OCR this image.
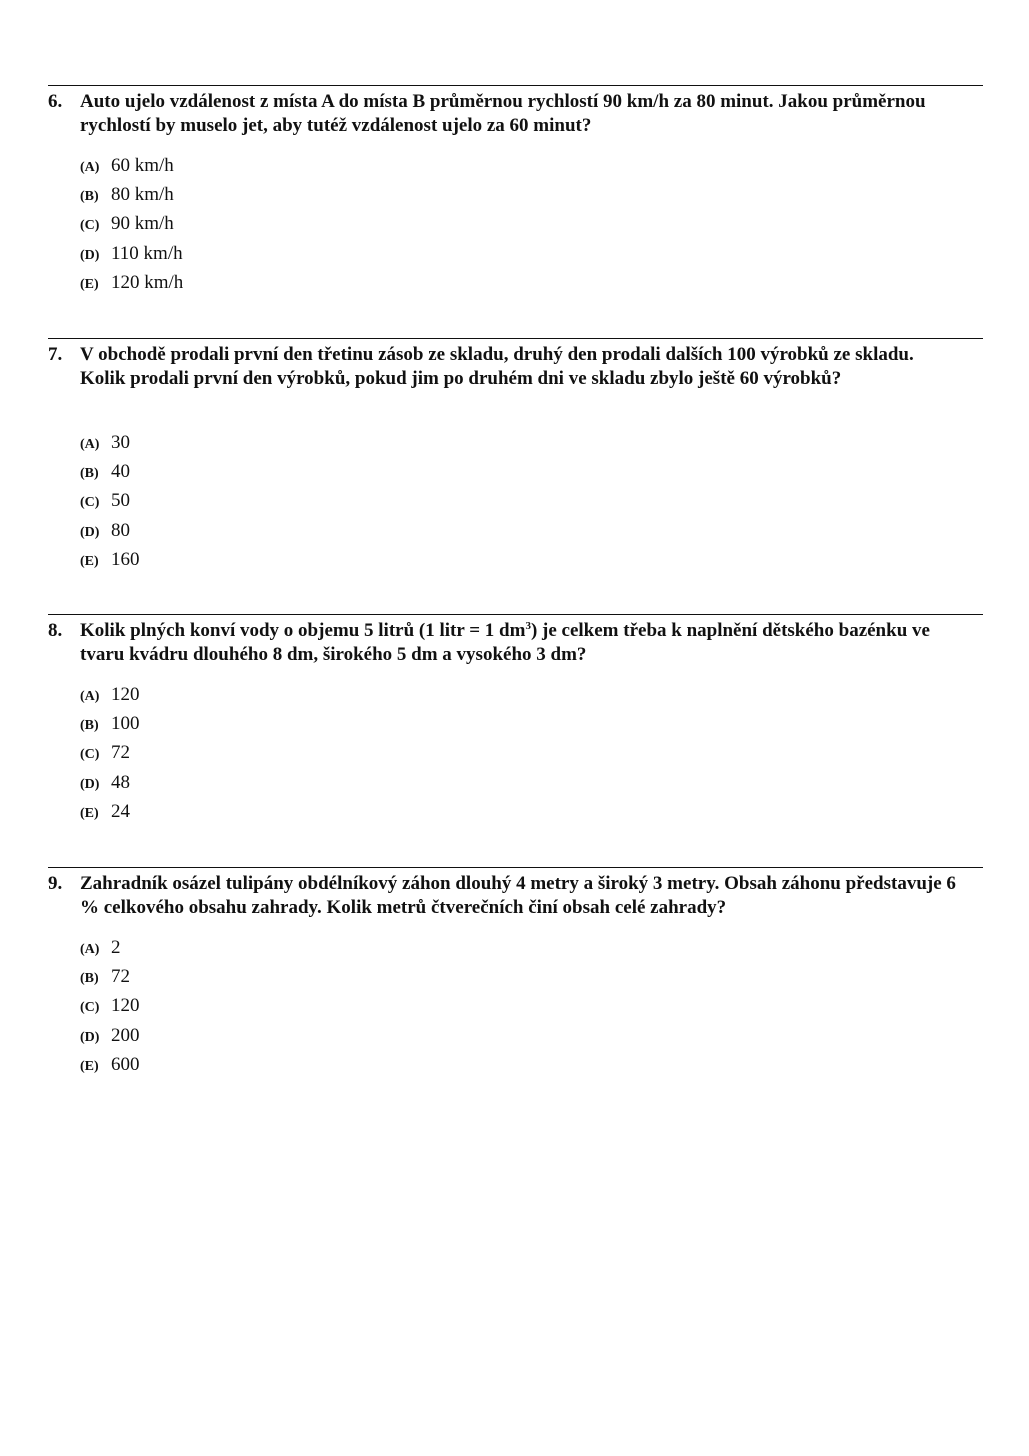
6. Auto ujelo vzdálenost z místa A do místa B průměrnou rychlostí 90 km/h za 80 minut. Jakou průměrnou rychlostí by muselo jet, aby tutéž vzdálenost ujelo za 60 minut?
(A) 60 km/h
(B) 80 km/h
(C) 90 km/h
(D) 110 km/h
(E) 120 km/h
7. V obchodě prodali první den třetinu zásob ze skladu, druhý den prodali dalších 100 výrobků ze skladu. Kolik prodali první den výrobků, pokud jim po druhém dni ve skladu zbylo ještě 60 výrobků?
(A) 30
(B) 40
(C) 50
(D) 80
(E) 160
8. Kolik plných konví vody o objemu 5 litrů (1 litr = 1 $dm^3$) je celkem třeba k naplnění dětského bazénku ve tvaru kvádru dlouhého 8 dm, širokého 5 dm a vysokého 3 dm?
(A) 120
(B) 100
(C) 72
(D) 48
(E) 24
9. Zahradník osázel tulipány obdélníkový záhon dlouhý 4 metry a široký 3 metry. Obsah záhonu představuje 6 % celkového obsahu zahrady. Kolik metrů čtverečních činí obsah celé zahrady?
(A) 2
(B) 72
(C) 120
(D) 200
(E) 600
